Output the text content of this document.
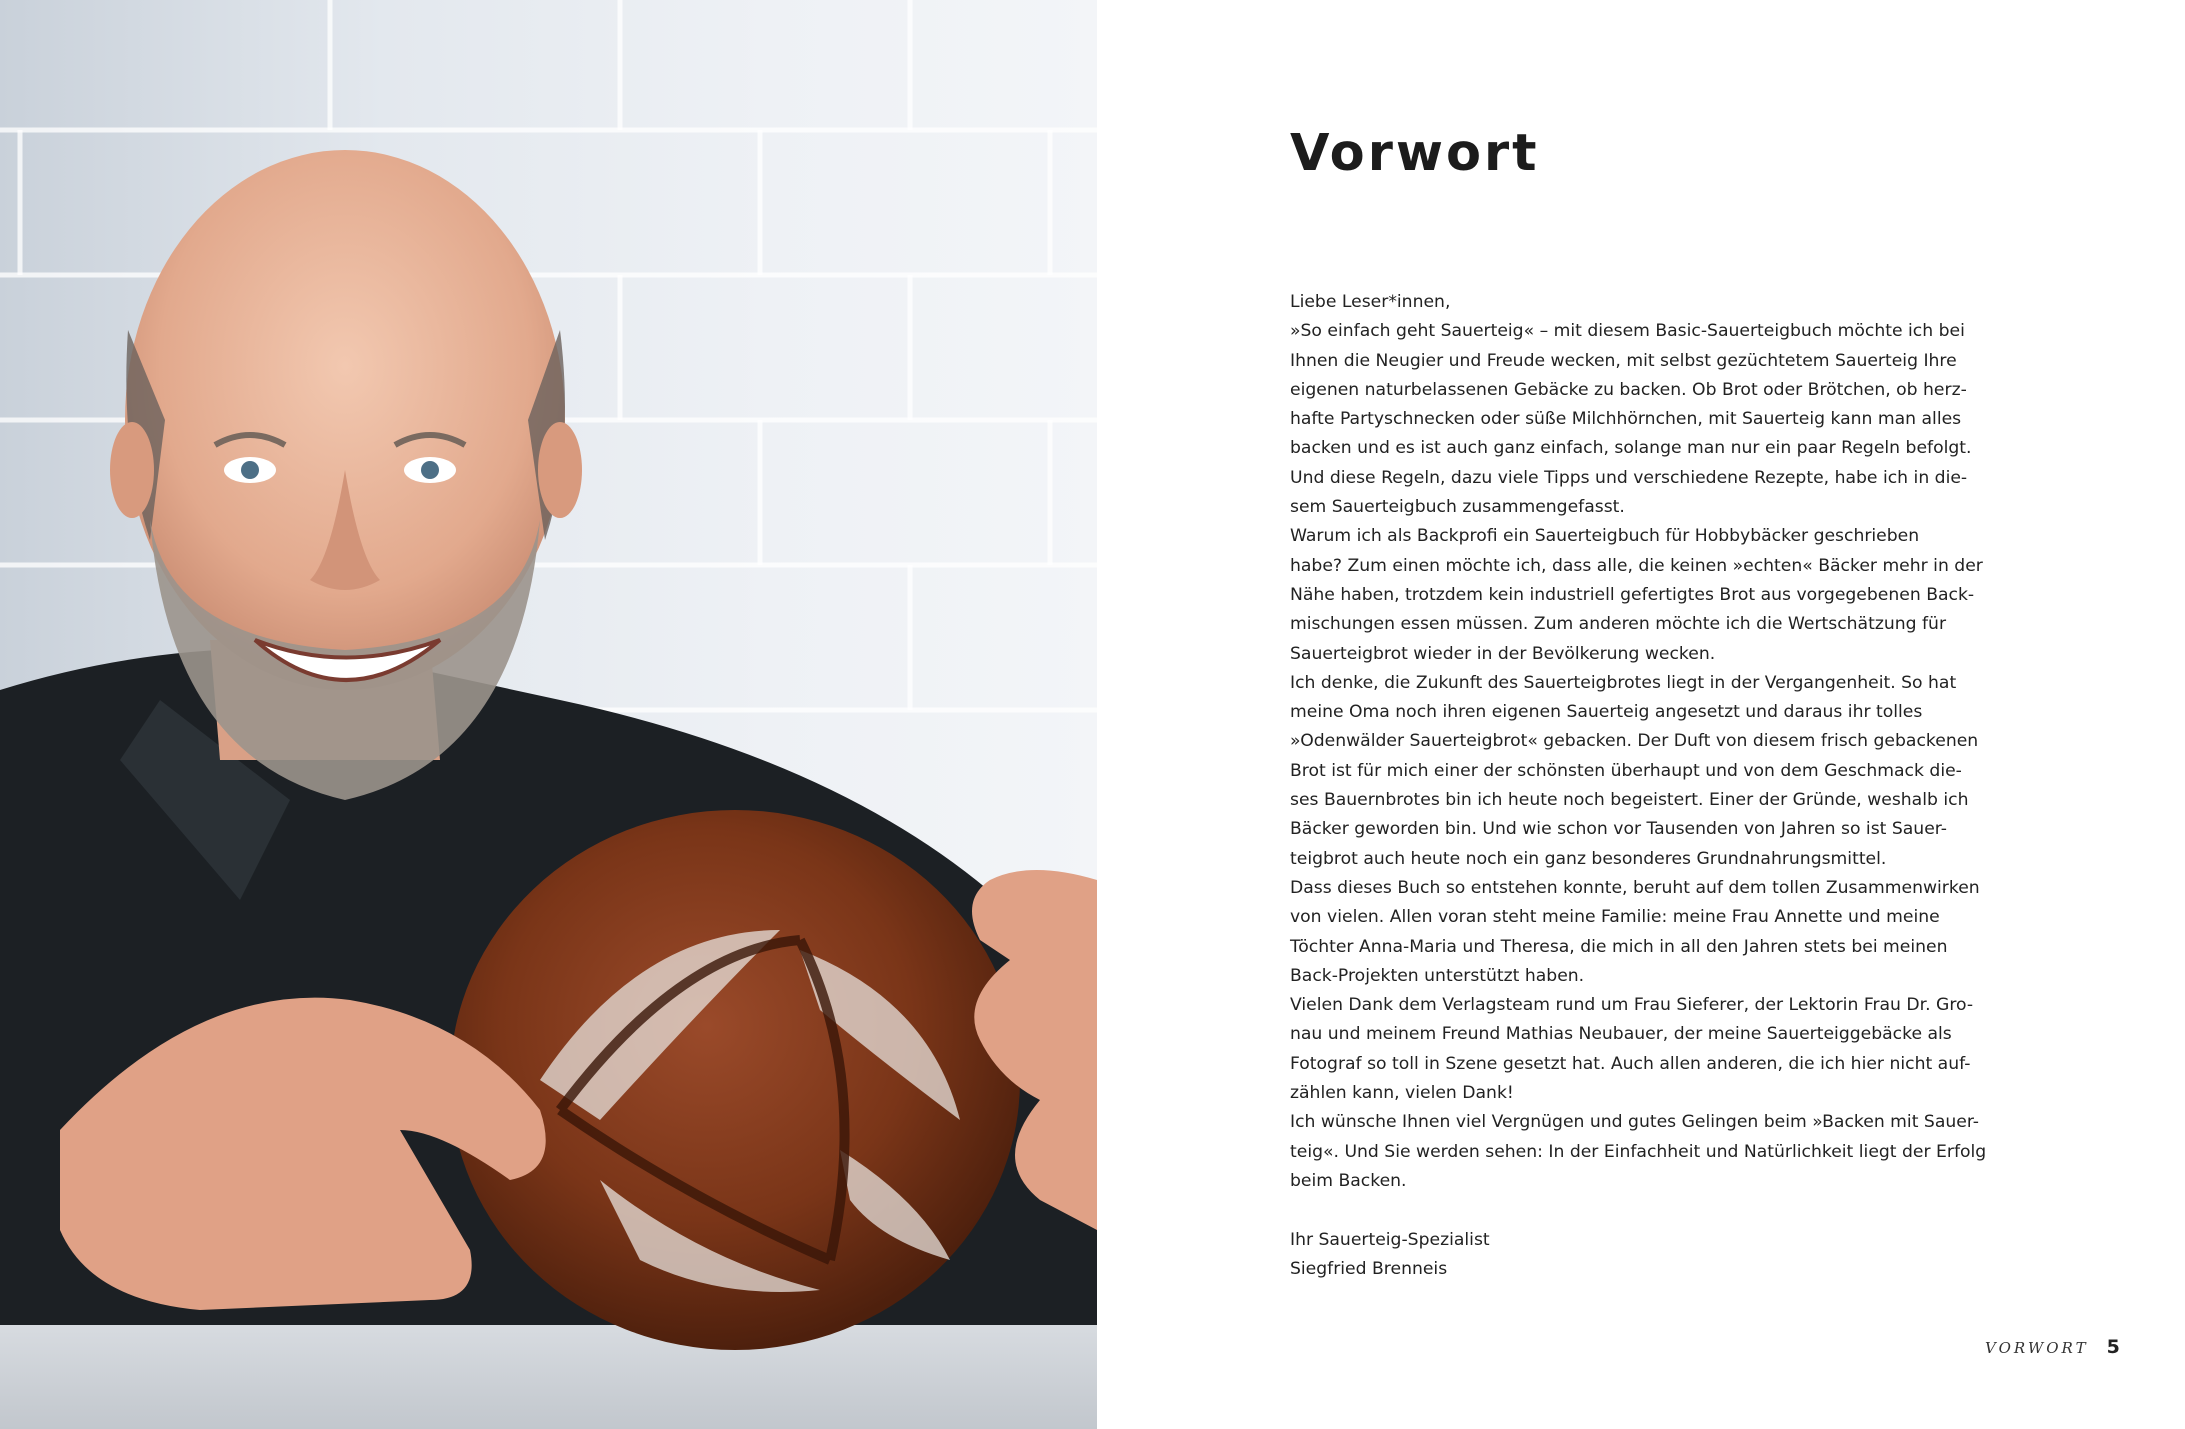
Vorwort
Liebe Leser*innen,
»So einfach geht Sauerteig« – mit diesem Basic-Sauerteigbuch möchte ich bei
Ihnen die Neugier und Freude wecken, mit selbst gezüchtetem Sauerteig Ihre
eigenen naturbelassenen Gebäcke zu backen. Ob Brot oder Brötchen, ob herz-
hafte Partyschnecken oder süße Milchhörnchen, mit Sauerteig kann man alles
backen und es ist auch ganz einfach, solange man nur ein paar Regeln befolgt.
Und diese Regeln, dazu viele Tipps und verschiedene Rezepte, habe ich in die-
sem Sauerteigbuch zusammengefasst.
Warum ich als Backprofi ein Sauerteigbuch für Hobbybäcker geschrieben
habe? Zum einen möchte ich, dass alle, die keinen »echten« Bäcker mehr in der
Nähe haben, trotzdem kein industriell gefertigtes Brot aus vorgegebenen Back-
mischungen essen müssen. Zum anderen möchte ich die Wertschätzung für
Sauerteigbrot wieder in der Bevölkerung wecken.
Ich denke, die Zukunft des Sauerteigbrotes liegt in der Vergangenheit. So hat
meine Oma noch ihren eigenen Sauerteig angesetzt und daraus ihr tolles
»Odenwälder Sauerteigbrot« gebacken. Der Duft von diesem frisch gebackenen
Brot ist für mich einer der schönsten überhaupt und von dem Geschmack die-
ses Bauernbrotes bin ich heute noch begeistert. Einer der Gründe, weshalb ich
Bäcker geworden bin. Und wie schon vor Tausenden von Jahren so ist Sauer-
teigbrot auch heute noch ein ganz besonderes Grundnahrungsmittel.
Dass dieses Buch so entstehen konnte, beruht auf dem tollen Zusammenwirken
von vielen. Allen voran steht meine Familie: meine Frau Annette und meine
Töchter Anna-Maria und Theresa, die mich in all den Jahren stets bei meinen
Back-Projekten unterstützt haben.
Vielen Dank dem Verlagsteam rund um Frau Sieferer, der Lektorin Frau Dr. Gro-
nau und meinem Freund Mathias Neubauer, der meine Sauerteiggebäcke als
Fotograf so toll in Szene gesetzt hat. Auch allen anderen, die ich hier nicht auf-
zählen kann, vielen Dank!
Ich wünsche Ihnen viel Vergnügen und gutes Gelingen beim »Backen mit Sauer-
teig«. Und Sie werden sehen: In der Einfachheit und Natürlichkeit liegt der Erfolg
beim Backen.
Ihr Sauerteig-Spezialist
Siegfried Brenneis
VORWORT 5
